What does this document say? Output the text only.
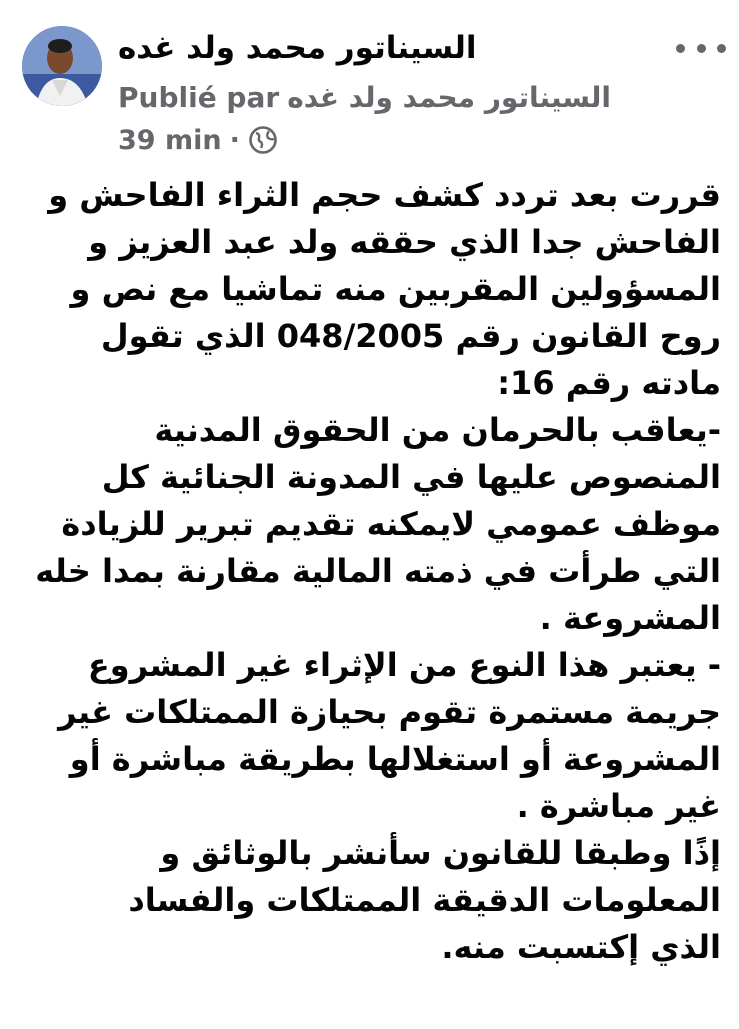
السيناتور محمد ولد غده
Publié par السيناتور محمد ولد غده
39 min ·
قررت بعد تردد كشف حجم الثراء الفاحش و
الفاحش جدا الذي حققه ولد عبد العزيز و
المسؤولين المقربين منه تماشيا مع نص و
روح القانون رقم 048/2005 الذي تقول
مادته رقم 16:
-يعاقب بالحرمان من الحقوق المدنية
المنصوص عليها في المدونة الجنائية كل
موظف عمومي لايمكنه تقديم تبرير للزيادة
التي طرأت في ذمته المالية مقارنة بمدا خله
المشروعة .
- يعتبر هذا النوع من الإثراء غير المشروع
جريمة مستمرة تقوم بحيازة الممتلكات غير
المشروعة أو استغلالها بطريقة مباشرة أو
غير مباشرة .
إذًا وطبقا للقانون سأنشر بالوثائق و
المعلومات الدقيقة الممتلكات والفساد
الذي إكتسبت منه.
